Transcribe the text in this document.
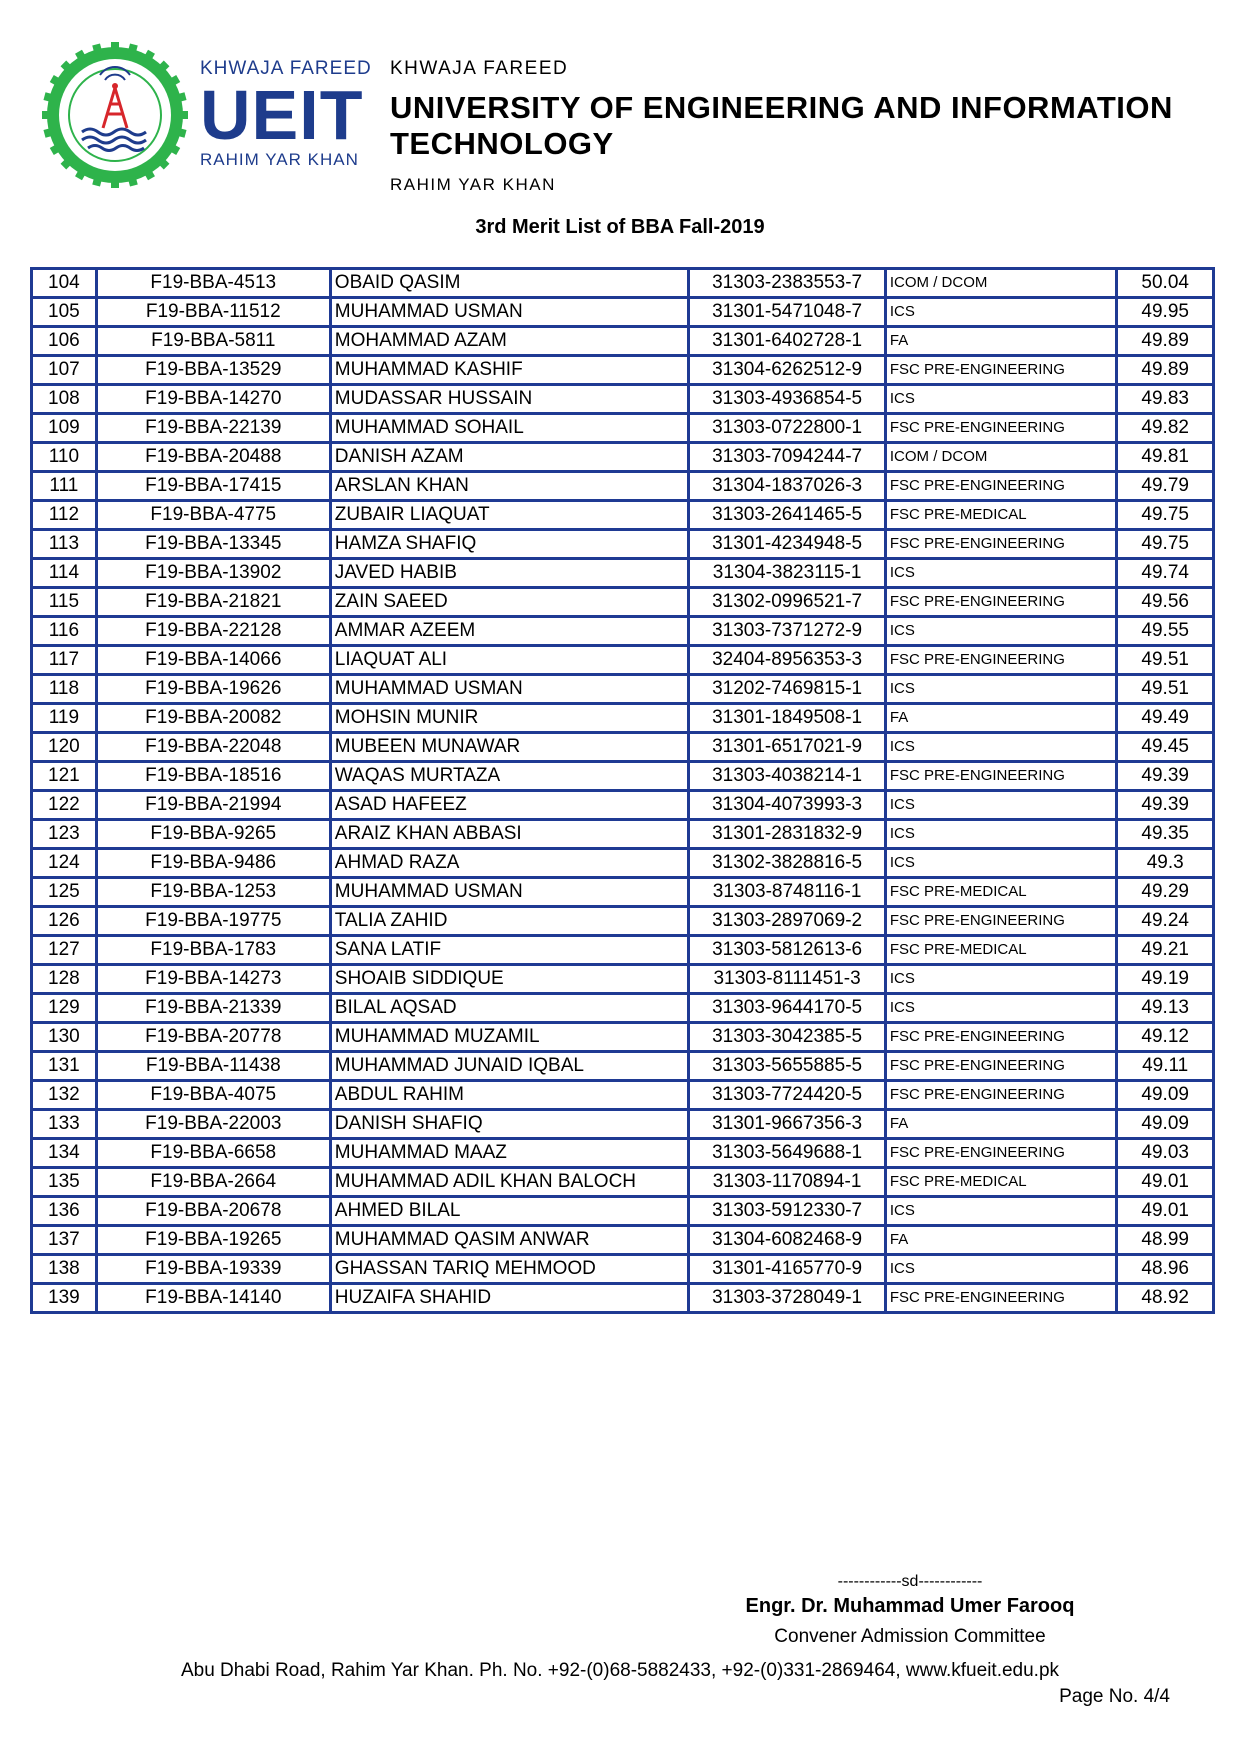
KHWAJA FAREED
UEIT
RAHIM YAR KHAN
KHWAJA FAREED
UNIVERSITY OF ENGINEERING AND INFORMATION TECHNOLOGY
RAHIM YAR KHAN
3rd Merit List of BBA Fall-2019
104	F19-BBA-4513	OBAID QASIM	31303-2383553-7	ICOM / DCOM	50.04
105	F19-BBA-11512	MUHAMMAD USMAN	31301-5471048-7	ICS	49.95
106	F19-BBA-5811	MOHAMMAD AZAM	31301-6402728-1	FA	49.89
107	F19-BBA-13529	MUHAMMAD KASHIF	31304-6262512-9	FSC PRE-ENGINEERING	49.89
108	F19-BBA-14270	MUDASSAR HUSSAIN	31303-4936854-5	ICS	49.83
109	F19-BBA-22139	MUHAMMAD SOHAIL	31303-0722800-1	FSC PRE-ENGINEERING	49.82
110	F19-BBA-20488	DANISH AZAM	31303-7094244-7	ICOM / DCOM	49.81
111	F19-BBA-17415	ARSLAN KHAN	31304-1837026-3	FSC PRE-ENGINEERING	49.79
112	F19-BBA-4775	ZUBAIR LIAQUAT	31303-2641465-5	FSC PRE-MEDICAL	49.75
113	F19-BBA-13345	HAMZA SHAFIQ	31301-4234948-5	FSC PRE-ENGINEERING	49.75
114	F19-BBA-13902	JAVED HABIB	31304-3823115-1	ICS	49.74
115	F19-BBA-21821	ZAIN SAEED	31302-0996521-7	FSC PRE-ENGINEERING	49.56
116	F19-BBA-22128	AMMAR AZEEM	31303-7371272-9	ICS	49.55
117	F19-BBA-14066	LIAQUAT ALI	32404-8956353-3	FSC PRE-ENGINEERING	49.51
118	F19-BBA-19626	MUHAMMAD USMAN	31202-7469815-1	ICS	49.51
119	F19-BBA-20082	MOHSIN MUNIR	31301-1849508-1	FA	49.49
120	F19-BBA-22048	MUBEEN MUNAWAR	31301-6517021-9	ICS	49.45
121	F19-BBA-18516	WAQAS MURTAZA	31303-4038214-1	FSC PRE-ENGINEERING	49.39
122	F19-BBA-21994	ASAD HAFEEZ	31304-4073993-3	ICS	49.39
123	F19-BBA-9265	ARAIZ KHAN ABBASI	31301-2831832-9	ICS	49.35
124	F19-BBA-9486	AHMAD RAZA	31302-3828816-5	ICS	49.3
125	F19-BBA-1253	MUHAMMAD USMAN	31303-8748116-1	FSC PRE-MEDICAL	49.29
126	F19-BBA-19775	TALIA ZAHID	31303-2897069-2	FSC PRE-ENGINEERING	49.24
127	F19-BBA-1783	SANA LATIF	31303-5812613-6	FSC PRE-MEDICAL	49.21
128	F19-BBA-14273	SHOAIB SIDDIQUE	31303-8111451-3	ICS	49.19
129	F19-BBA-21339	BILAL AQSAD	31303-9644170-5	ICS	49.13
130	F19-BBA-20778	MUHAMMAD MUZAMIL	31303-3042385-5	FSC PRE-ENGINEERING	49.12
131	F19-BBA-11438	MUHAMMAD JUNAID IQBAL	31303-5655885-5	FSC PRE-ENGINEERING	49.11
132	F19-BBA-4075	ABDUL RAHIM	31303-7724420-5	FSC PRE-ENGINEERING	49.09
133	F19-BBA-22003	DANISH SHAFIQ	31301-9667356-3	FA	49.09
134	F19-BBA-6658	MUHAMMAD MAAZ	31303-5649688-1	FSC PRE-ENGINEERING	49.03
135	F19-BBA-2664	MUHAMMAD ADIL KHAN BALOCH	31303-1170894-1	FSC PRE-MEDICAL	49.01
136	F19-BBA-20678	AHMED BILAL	31303-5912330-7	ICS	49.01
137	F19-BBA-19265	MUHAMMAD QASIM ANWAR	31304-6082468-9	FA	48.99
138	F19-BBA-19339	GHASSAN TARIQ MEHMOOD	31301-4165770-9	ICS	48.96
139	F19-BBA-14140	HUZAIFA SHAHID	31303-3728049-1	FSC PRE-ENGINEERING	48.92
------------sd------------
Engr. Dr. Muhammad Umer Farooq
Convener Admission Committee
Abu Dhabi Road, Rahim Yar Khan. Ph. No. +92-(0)68-5882433, +92-(0)331-2869464, www.kfueit.edu.pk
Page No. 4/4
